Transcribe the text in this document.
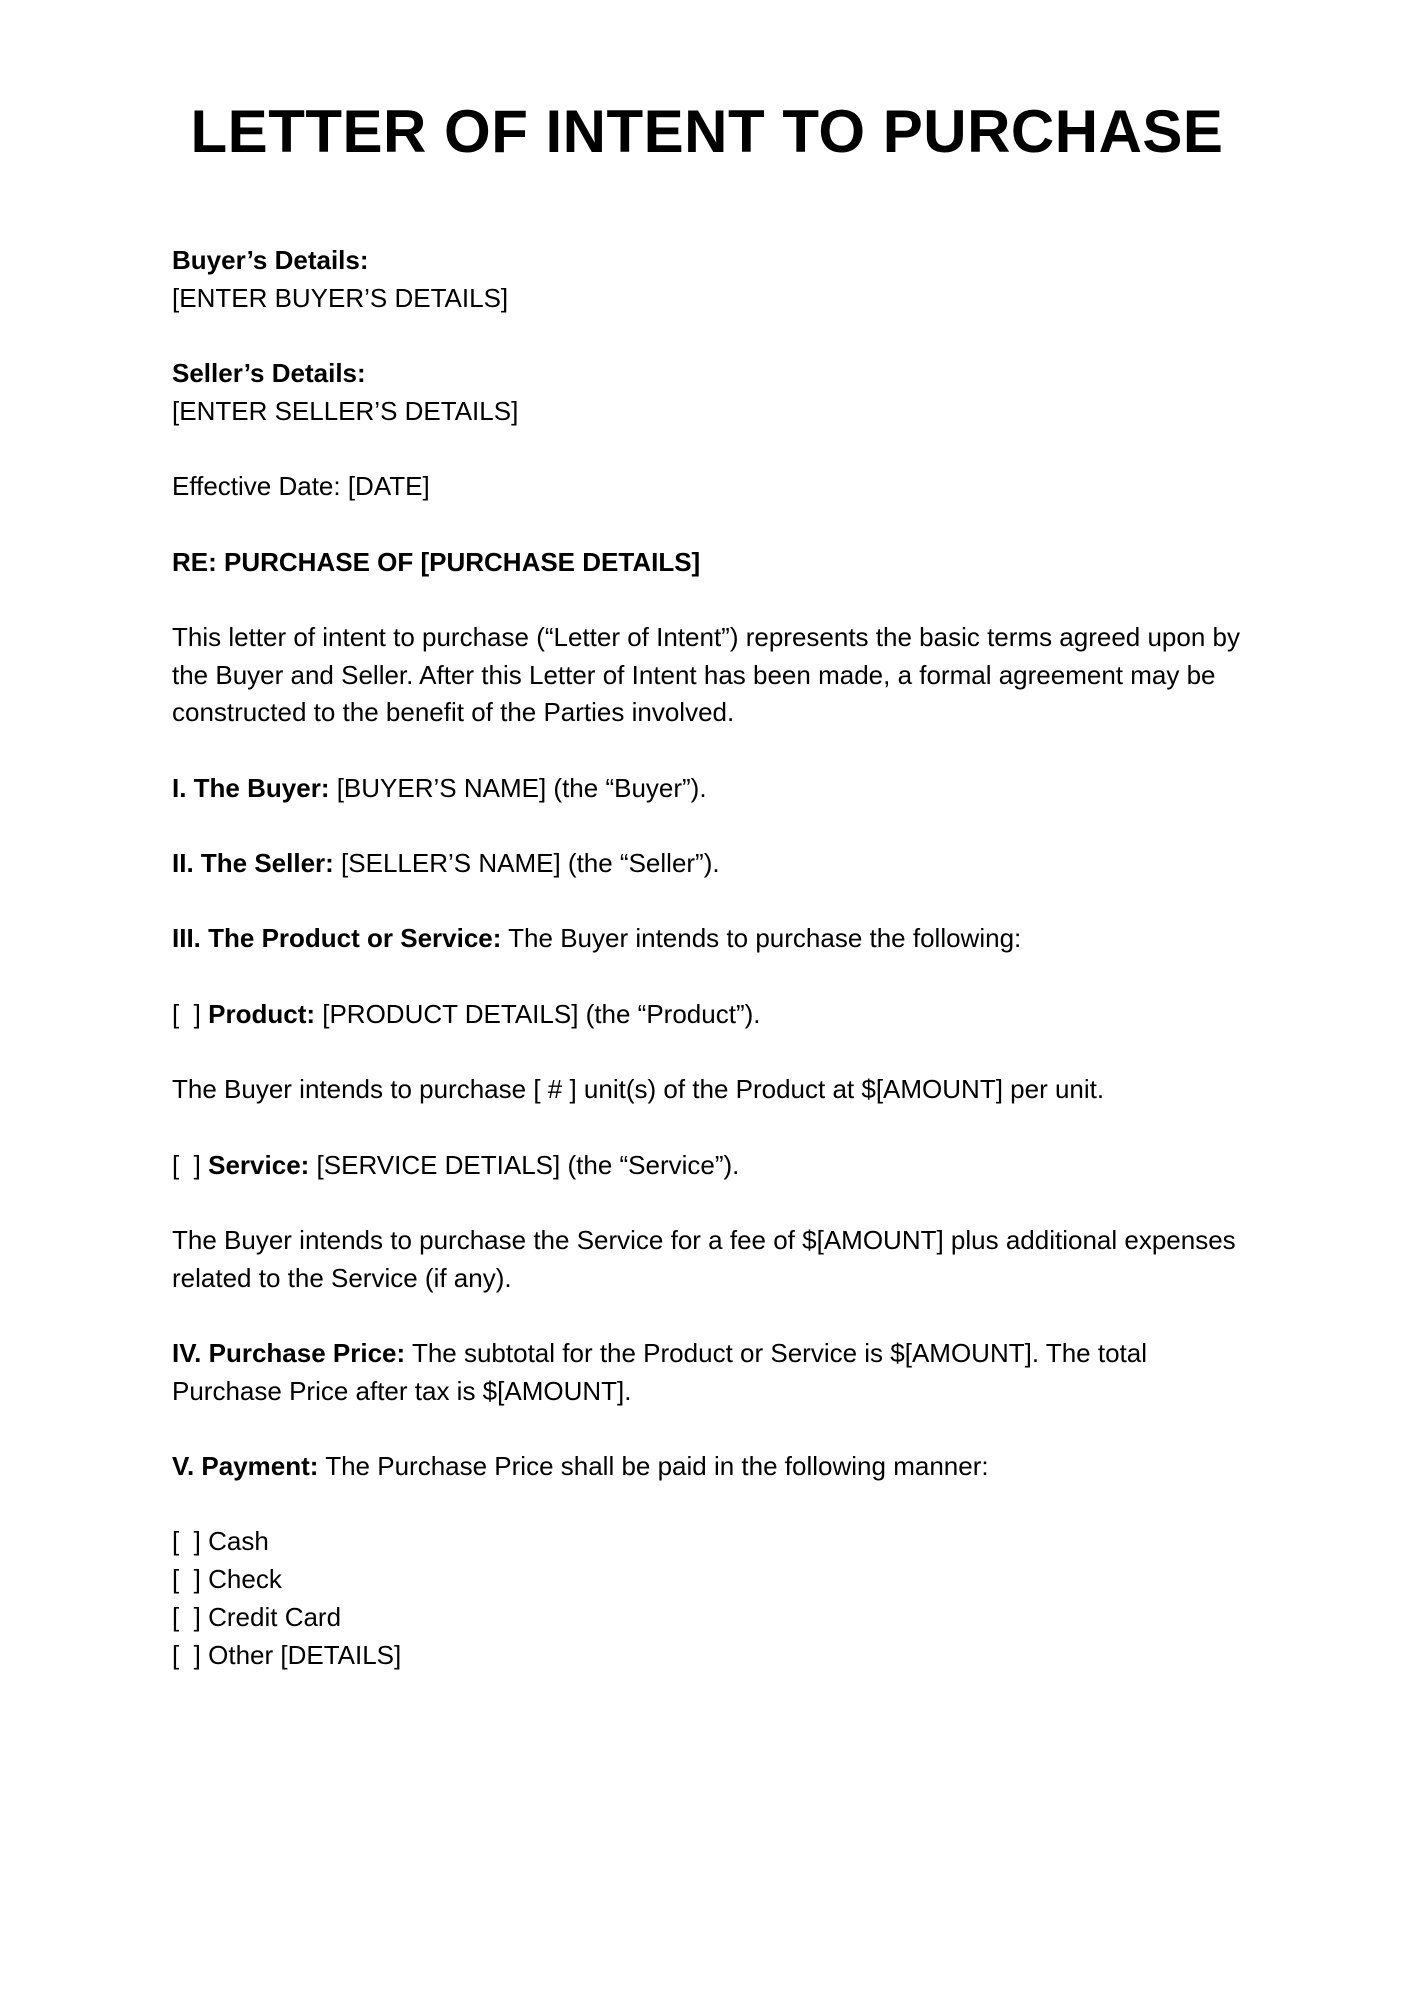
LETTER OF INTENT TO PURCHASE
Buyer’s Details:
[ENTER BUYER’S DETAILS]
Seller’s Details:
[ENTER SELLER’S DETAILS]
Effective Date: [DATE]
RE: PURCHASE OF [PURCHASE DETAILS]
This letter of intent to purchase (“Letter of Intent”) represents the basic terms agreed upon by the Buyer and Seller. After this Letter of Intent has been made, a formal agreement may be constructed to the benefit of the Parties involved.
I. The Buyer: [BUYER’S NAME] (the “Buyer”).
II. The Seller: [SELLER’S NAME] (the “Seller”).
III. The Product or Service: The Buyer intends to purchase the following:
[  ] Product: [PRODUCT DETAILS] (the “Product”).
The Buyer intends to purchase [ # ] unit(s) of the Product at $[AMOUNT] per unit.
[  ] Service: [SERVICE DETIALS] (the “Service”).
The Buyer intends to purchase the Service for a fee of $[AMOUNT] plus additional expenses related to the Service (if any).
IV. Purchase Price: The subtotal for the Product or Service is $[AMOUNT]. The total Purchase Price after tax is $[AMOUNT].
V. Payment: The Purchase Price shall be paid in the following manner:
[  ] Cash
[  ] Check
[  ] Credit Card
[  ] Other [DETAILS]
